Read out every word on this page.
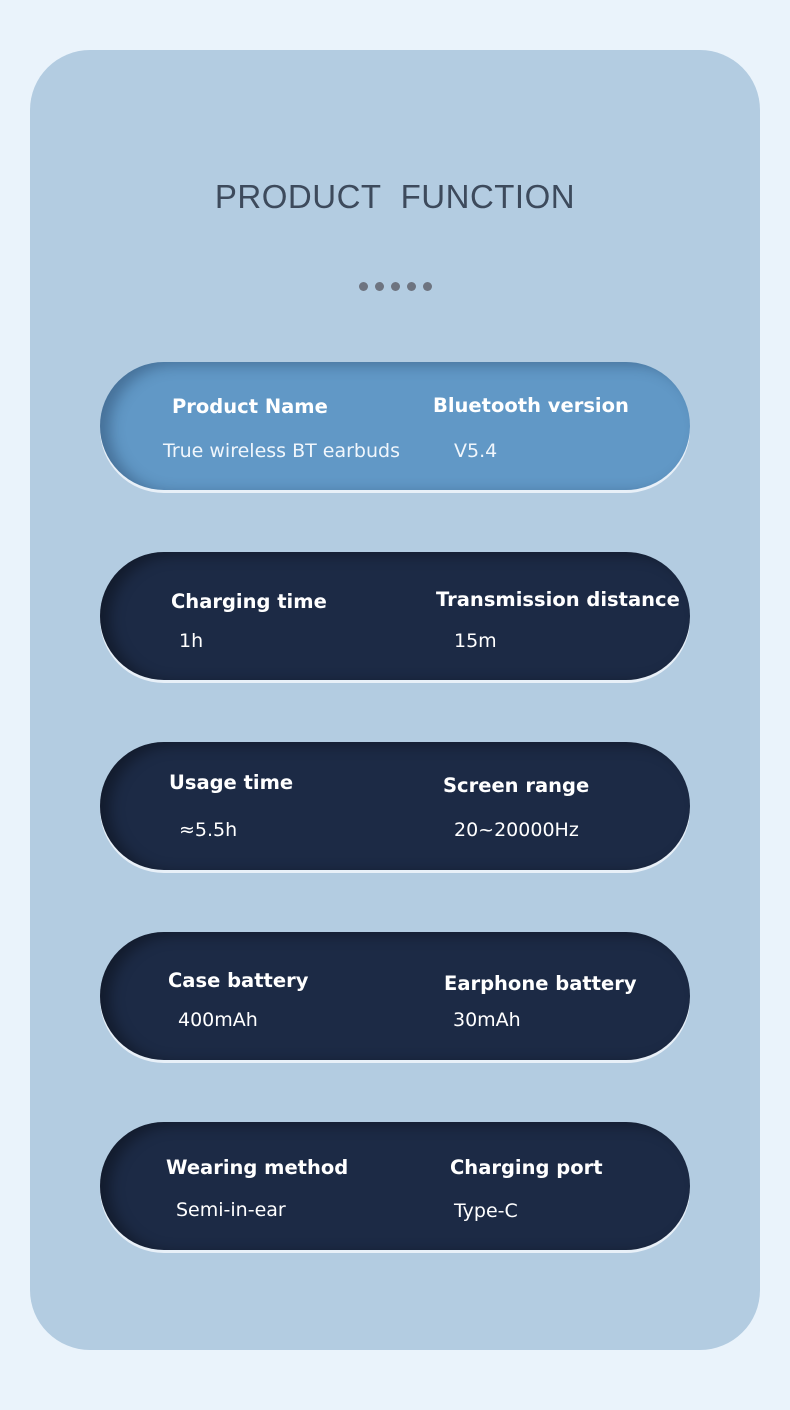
PRODUCT FUNCTION
Product Name
True wireless BT earbuds
Bluetooth version
V5.4
Charging time
1h
Transmission distance
15m
Usage time
≈5.5h
Screen range
20~20000Hz
Case battery
400mAh
Earphone battery
30mAh
Wearing method
Semi-in-ear
Charging port
Type-C
